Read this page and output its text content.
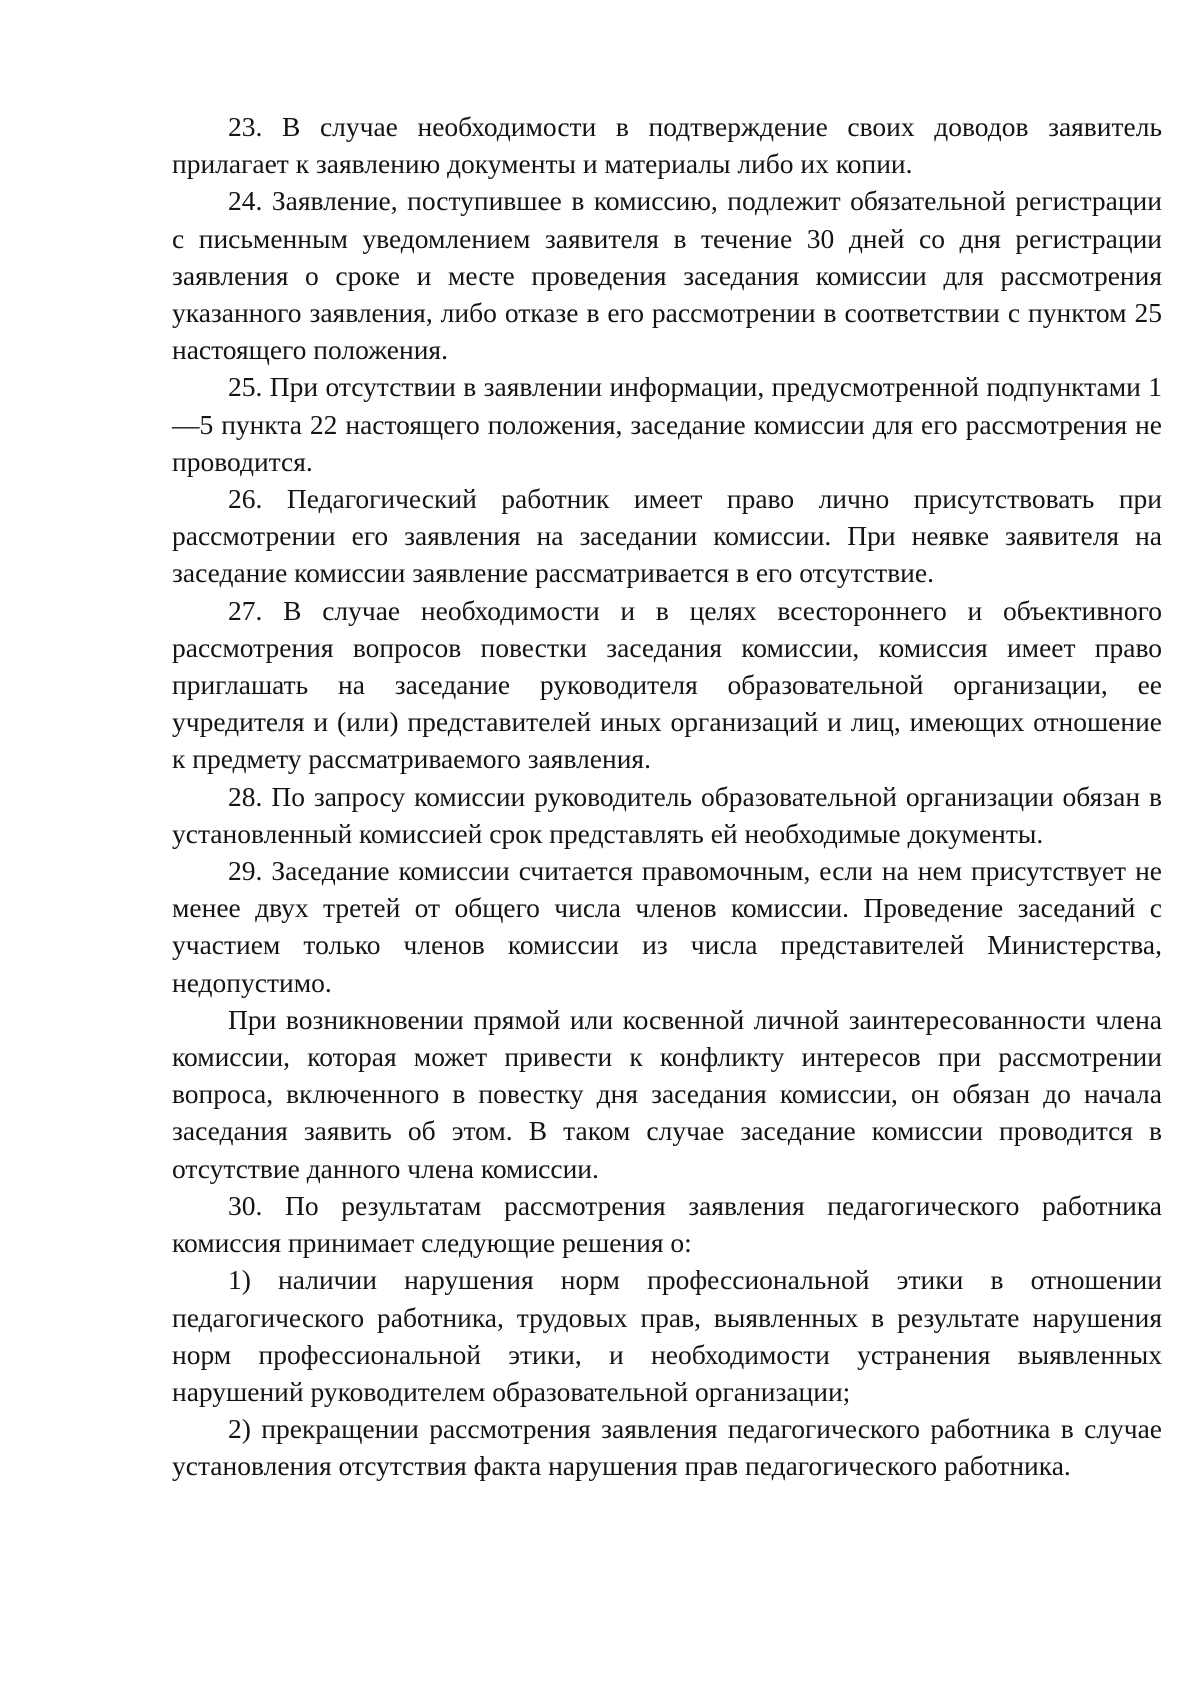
23. В случае необходимости в подтверждение своих доводов заявитель прилагает к заявлению документы и материалы либо их копии.

24. Заявление, поступившее в комиссию, подлежит обязательной регистрации с письменным уведомлением заявителя в течение 30 дней со дня регистрации заявления о сроке и месте проведения заседания комиссии для рассмотрения указанного заявления, либо отказе в его рассмотрении в соответствии с пунктом 25 настоящего положения.

25. При отсутствии в заявлении информации, предусмотренной подпунктами 1—5 пункта 22 настоящего положения, заседание комиссии для его рассмотрения не проводится.

26. Педагогический работник имеет право лично присутствовать при рассмотрении его заявления на заседании комиссии. При неявке заявителя на заседание комиссии заявление рассматривается в его отсутствие.

27. В случае необходимости и в целях всестороннего и объективного рассмотрения вопросов повестки заседания комиссии, комиссия имеет право приглашать на заседание руководителя образовательной организации, ее учредителя и (или) представителей иных организаций и лиц, имеющих отношение к предмету рассматриваемого заявления.

28. По запросу комиссии руководитель образовательной организации обязан в установленный комиссией срок представлять ей необходимые документы.

29. Заседание комиссии считается правомочным, если на нем присутствует не менее двух третей от общего числа членов комиссии. Проведение заседаний с участием только членов комиссии из числа представителей Министерства, недопустимо.

При возникновении прямой или косвенной личной заинтересованности члена комиссии, которая может привести к конфликту интересов при рассмотрении вопроса, включенного в повестку дня заседания комиссии, он обязан до начала заседания заявить об этом. В таком случае заседание комиссии проводится в отсутствие данного члена комиссии.

30. По результатам рассмотрения заявления педагогического работника комиссия принимает следующие решения о:

1) наличии нарушения норм профессиональной этики в отношении педагогического работника, трудовых прав, выявленных в результате нарушения норм профессиональной этики, и необходимости устранения выявленных нарушений руководителем образовательной организации;

2) прекращении рассмотрения заявления педагогического работника в случае установления отсутствия факта нарушения прав педагогического работника.
